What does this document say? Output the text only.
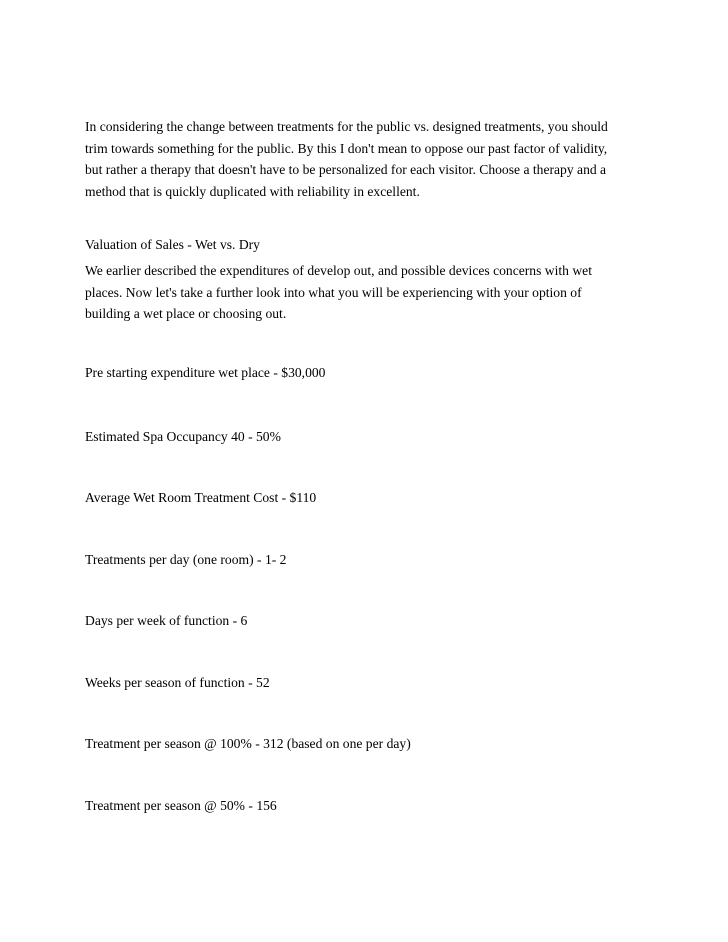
In considering the change between treatments for the public vs. designed treatments, you should
trim towards something for the public. By this I don't mean to oppose our past factor of validity,
but rather a therapy that doesn't have to be personalized for each visitor. Choose a therapy and a
method that is quickly duplicated with reliability in excellent.

Valuation of Sales - Wet vs. Dry

We earlier described the expenditures of develop out, and possible devices concerns with wet
places. Now let's take a further look into what you will be experiencing with your option of
building a wet place or choosing out.

Pre starting expenditure wet place - $30,000

Estimated Spa Occupancy 40 - 50%

Average Wet Room Treatment Cost - $110

Treatments per day (one room) - 1- 2

Days per week of function - 6

Weeks per season of function - 52

Treatment per season @ 100% - 312 (based on one per day)

Treatment per season @ 50% - 156
